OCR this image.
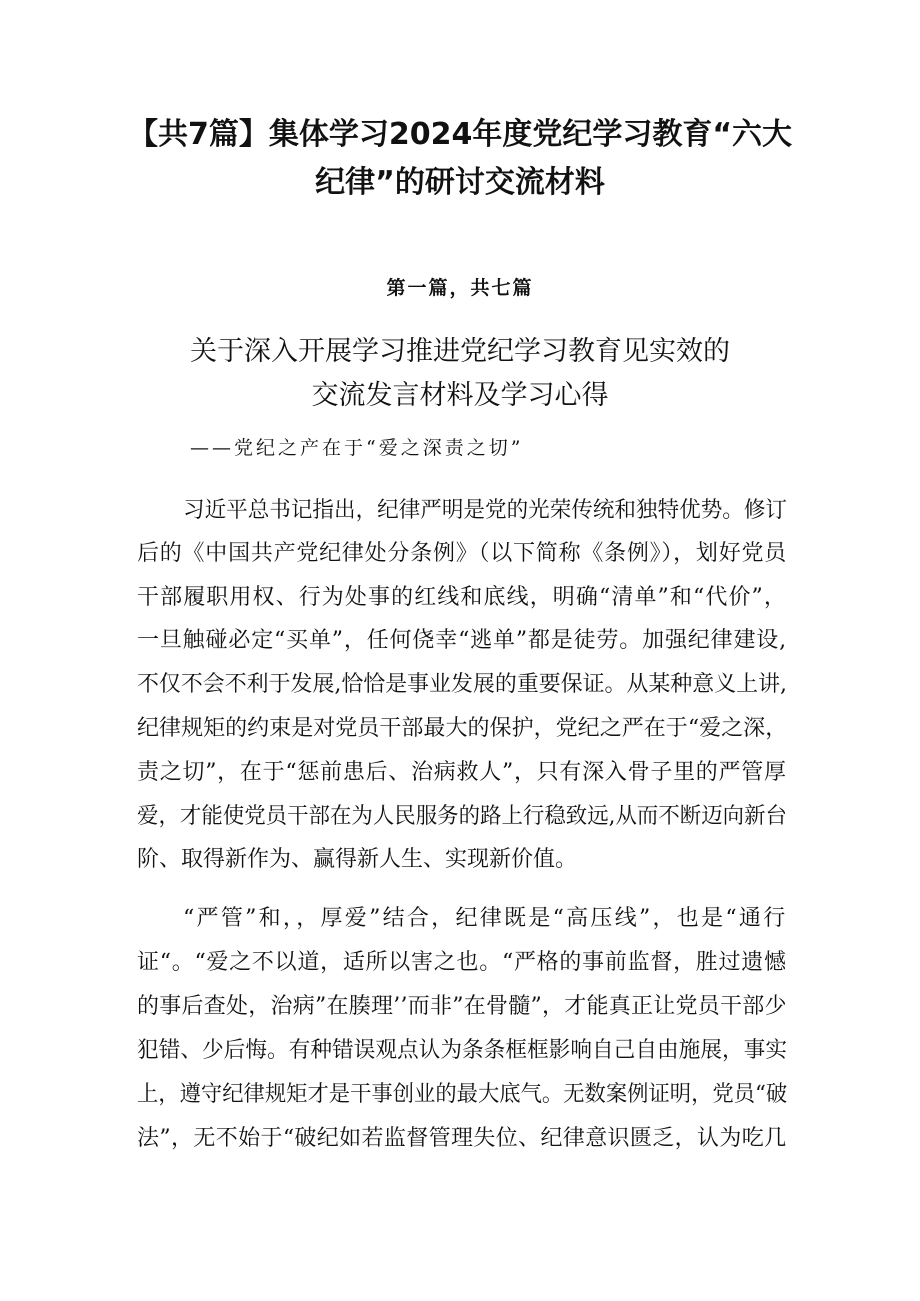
【共7篇】集体学习2024年度党纪学习教育“六大
纪律”的研讨交流材料
第一篇，共七篇
关于深入开展学习推进党纪学习教育见实效的
交流发言材料及学习心得
——党纪之产在于“爱之深责之切”
习近平总书记指出，纪律严明是党的光荣传统和独特优势。修订
后的《中国共产党纪律处分条例》（以下简称《条例》），划好党员
干部履职用权、行为处事的红线和底线，明确“清单”和“代价”，
一旦触碰必定“买单”，任何侥幸“逃单”都是徒劳。加强纪律建设,
不仅不会不利于发展,恰恰是事业发展的重要保证。从某种意义上讲,
纪律规矩的约束是对党员干部最大的保护，党纪之严在于“爱之深，
责之切”，在于“惩前患后、治病救人”，只有深入骨子里的严管厚
爱，才能使党员干部在为人民服务的路上行稳致远,从而不断迈向新台
阶、取得新作为、赢得新人生、实现新价值。
“严管”和，，厚爱”结合，纪律既是“高压线”，也是“通行
证“。“爱之不以道，适所以害之也。“严格的事前监督，胜过遗憾
的事后查处，治病”在腠理’’而非”在骨髓”，才能真正让党员干部少
犯错、少后悔。有种错误观点认为条条框框影响自己自由施展，事实
上，遵守纪律规矩才是干事创业的最大底气。无数案例证明，党员“破
法”，无不始于“破纪如若监督管理失位、纪律意识匮乏，认为吃几
